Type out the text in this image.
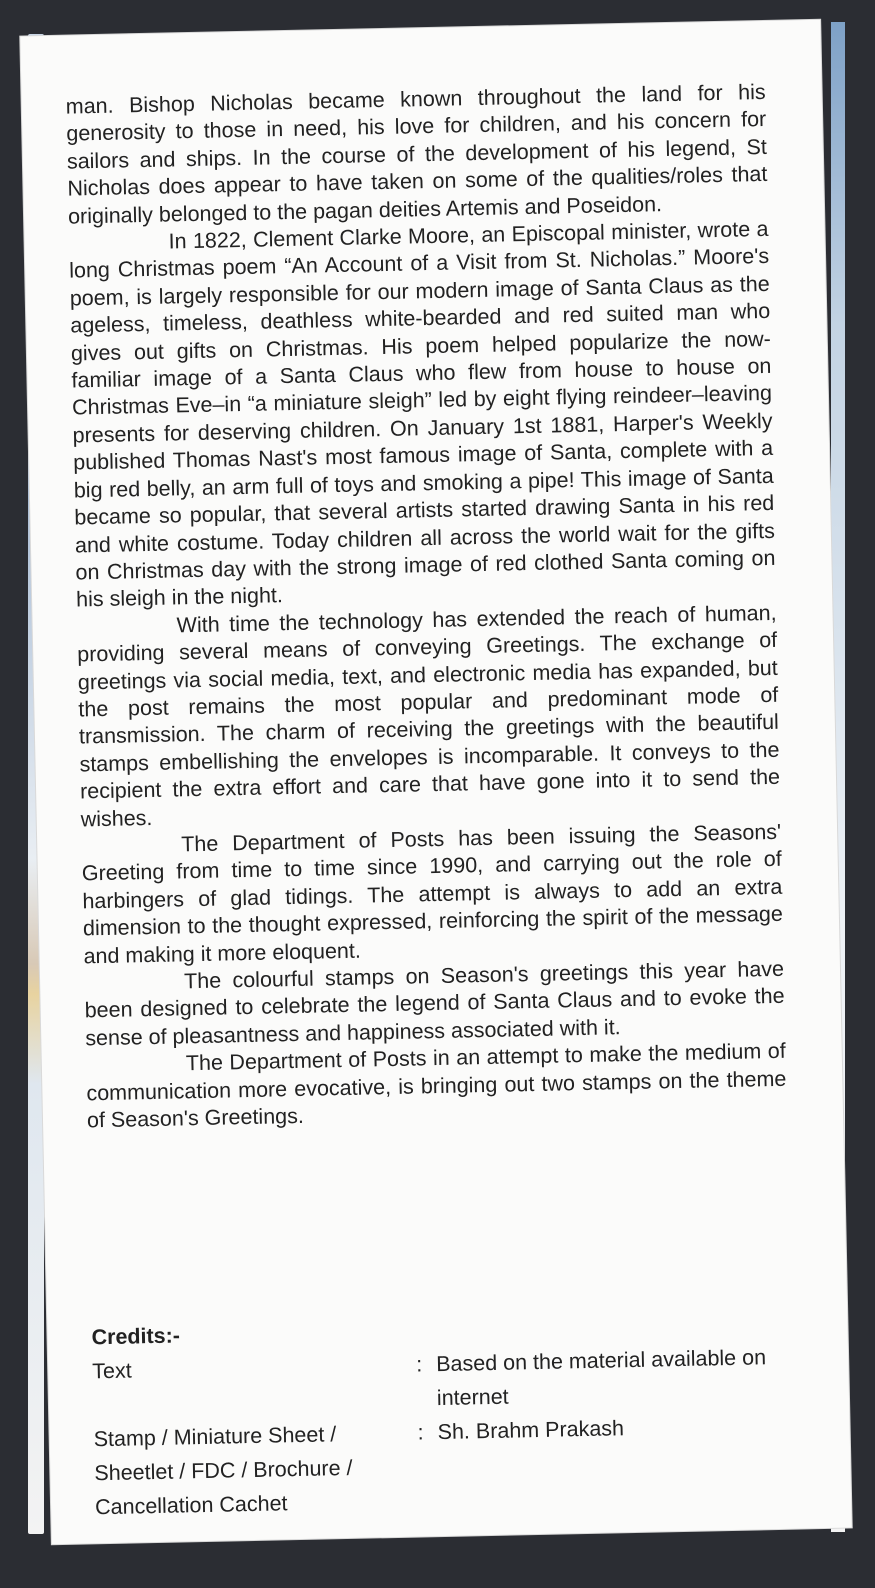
man. Bishop Nicholas became known throughout the land for his generosity to those in need, his love for children, and his concern for sailors and ships. In the course of the development of his legend, St Nicholas does appear to have taken on some of the qualities/roles that originally belonged to the pagan deities Artemis and Poseidon.

In 1822, Clement Clarke Moore, an Episcopal minister, wrote a long Christmas poem “An Account of a Visit from St. Nicholas.” Moore's poem, is largely responsible for our modern image of Santa Claus as the ageless, timeless, deathless white-bearded and red suited man who gives out gifts on Christmas. His poem helped popularize the now-familiar image of a Santa Claus who flew from house to house on Christmas Eve–in “a miniature sleigh” led by eight flying reindeer–leaving presents for deserving children. On January 1st 1881, Harper's Weekly published Thomas Nast's most famous image of Santa, complete with a big red belly, an arm full of toys and smoking a pipe! This image of Santa became so popular, that several artists started drawing Santa in his red and white costume. Today children all across the world wait for the gifts on Christmas day with the strong image of red clothed Santa coming on his sleigh in the night.

With time the technology has extended the reach of human, providing several means of conveying Greetings. The exchange of greetings via social media, text, and electronic media has expanded, but the post remains the most popular and predominant mode of transmission. The charm of receiving the greetings with the beautiful stamps embellishing the envelopes is incomparable. It conveys to the recipient the extra effort and care that have gone into it to send the wishes.

The Department of Posts has been issuing the Seasons' Greeting from time to time since 1990, and carrying out the role of harbingers of glad tidings. The attempt is always to add an extra dimension to the thought expressed, reinforcing the spirit of the message and making it more eloquent.

The colourful stamps on Season's greetings this year have been designed to celebrate the legend of Santa Claus and to evoke the sense of pleasantness and happiness associated with it.

The Department of Posts in an attempt to make the medium of communication more evocative, is bringing out two stamps on the theme of Season's Greetings.

Credits:-
Text	: Based on the material available on internet
Stamp / Miniature Sheet / Sheetlet / FDC / Brochure / Cancellation Cachet
: Sh. Brahm Prakash
